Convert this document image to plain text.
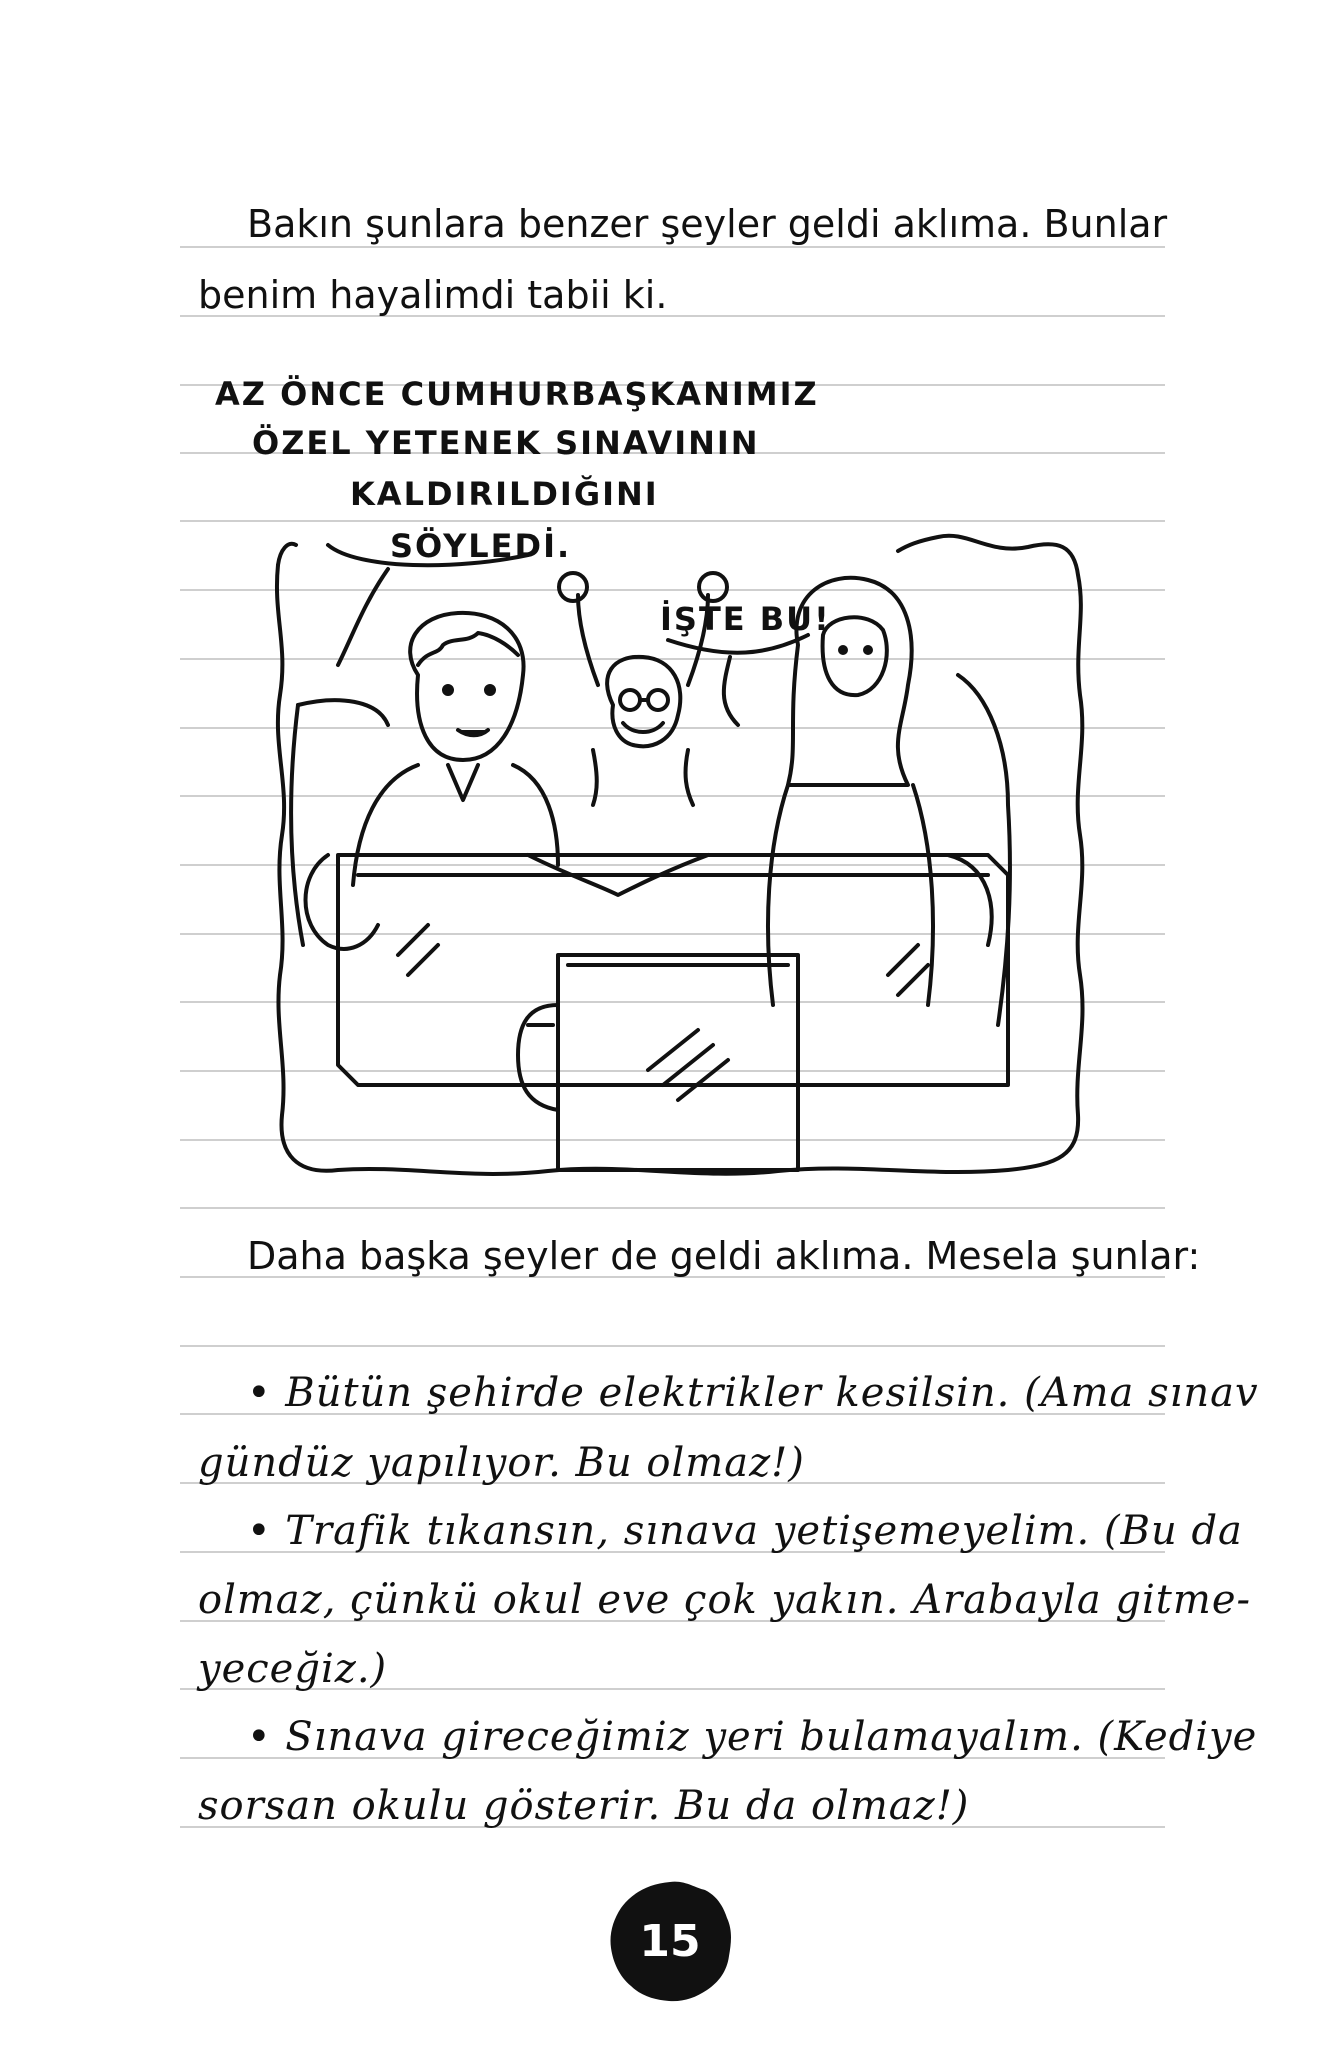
Bakın şunlara benzer şeyler geldi aklıma. Bunlar
benim hayalimdi tabii ki.
AZ ÖNCE CUMHURBAŞKANIMIZ
ÖZEL YETENEK SINAVININ
KALDIRILDIĞINI
SÖYLEDİ.
İŞTE BU!
Daha başka şeyler de geldi aklıma. Mesela şunlar:
• Bütün şehirde elektrikler kesilsin. (Ama sınav
gündüz yapılıyor. Bu olmaz!)
• Trafik tıkansın, sınava yetişemeyelim. (Bu da
olmaz, çünkü okul eve çok yakın. Arabayla gitme-
yeceğiz.)
• Sınava gireceğimiz yeri bulamayalım. (Kediye
sorsan okulu gösterir. Bu da olmaz!)
15
